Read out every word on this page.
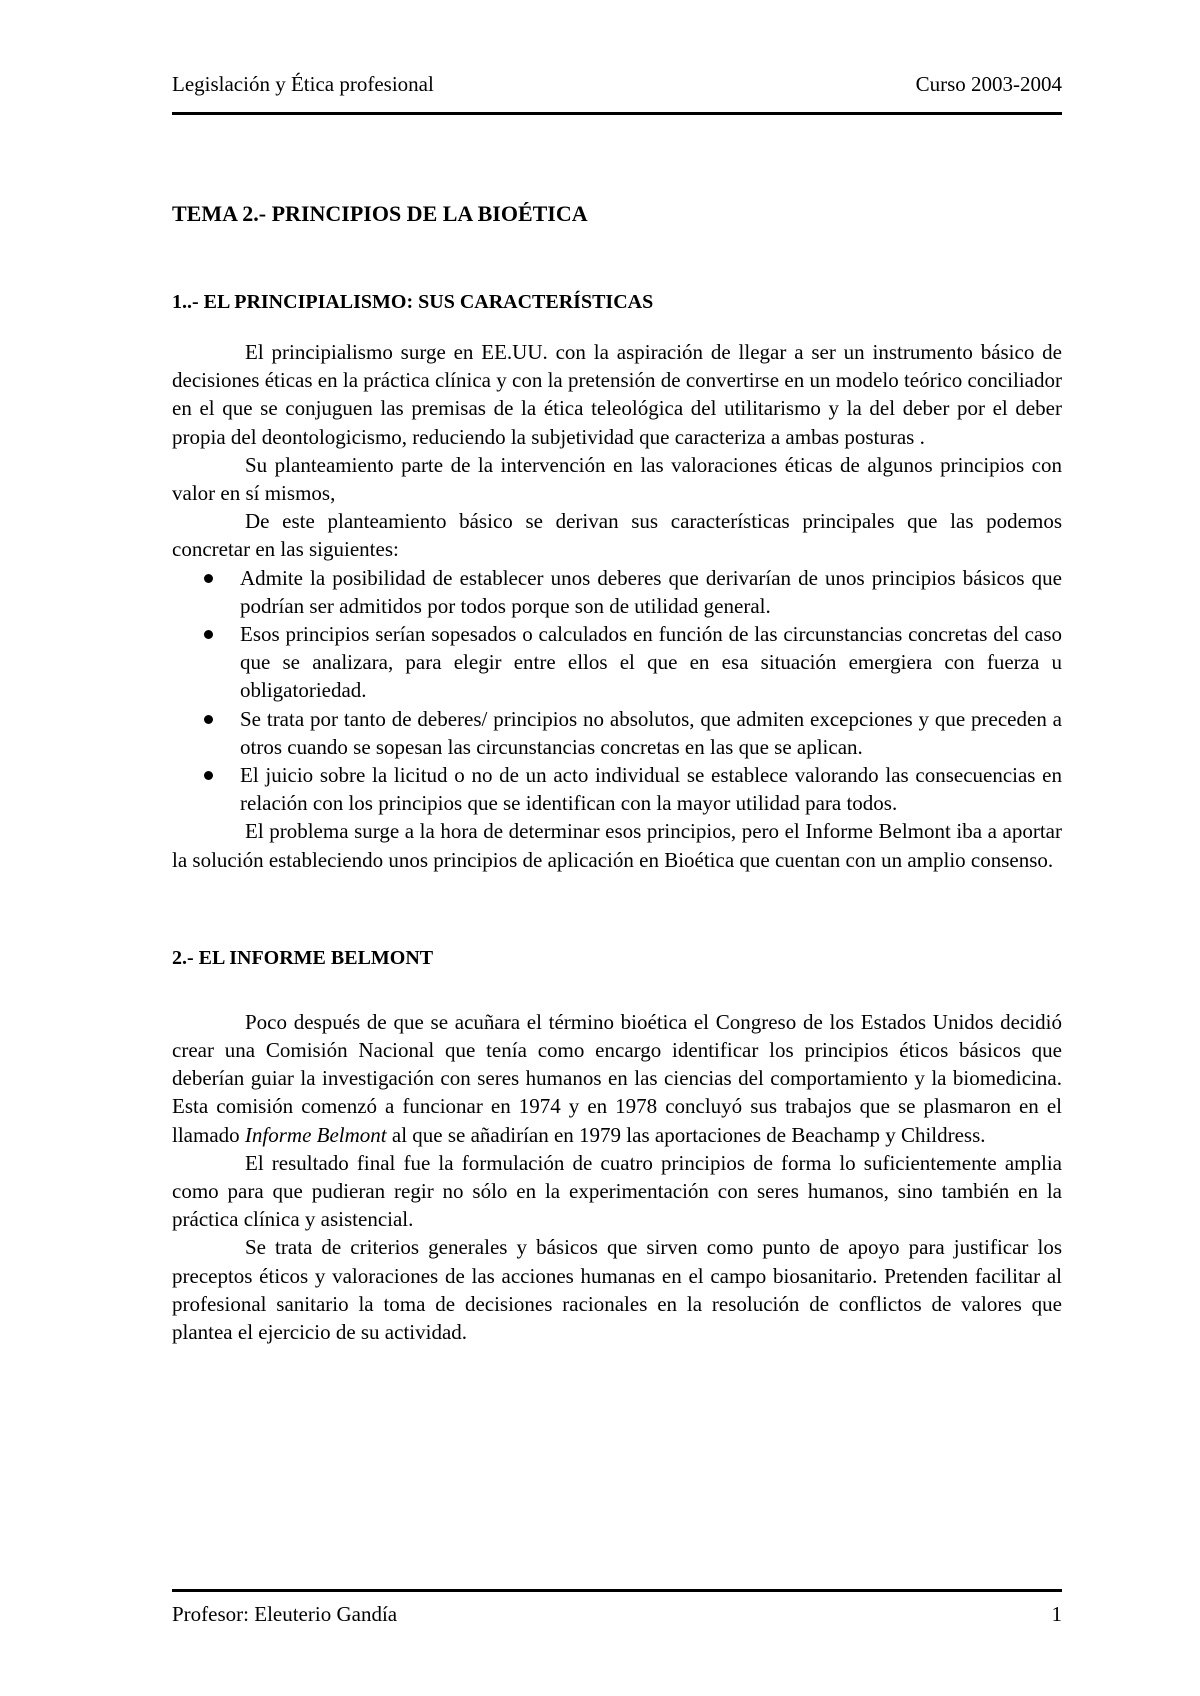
Legislación y Ética profesional	Curso 2003-2004
TEMA 2.- PRINCIPIOS DE LA BIOÉTICA
1..- EL PRINCIPIALISMO: SUS CARACTERÍSTICAS

El principialismo surge en EE.UU. con la aspiración de llegar a ser un instrumento básico de decisiones éticas en la práctica clínica y con la pretensión de convertirse en un modelo teórico conciliador en el que se conjuguen las premisas de la ética teleológica del utilitarismo y la del deber por el deber propia del deontologicismo, reduciendo la subjetividad que caracteriza a ambas posturas .

Su planteamiento parte de la intervención en las valoraciones éticas de algunos principios con valor en sí mismos,

De este planteamiento básico se derivan sus características principales que las podemos concretar en las siguientes:

Admite la posibilidad de establecer unos deberes que derivarían de unos principios básicos que podrían ser admitidos por todos porque son de utilidad general.
Esos principios serían sopesados o calculados en función de las circunstancias concretas del caso que se analizara, para elegir entre ellos el que en esa situación emergiera con fuerza u obligatoriedad.
Se trata por tanto de deberes/ principios no absolutos, que admiten excepciones y que preceden a otros cuando se sopesan las circunstancias concretas en las que se aplican.
El juicio sobre la licitud o no de un acto individual se establece valorando las consecuencias en relación con los principios que se identifican con la mayor utilidad para todos.

El problema surge a la hora de determinar esos principios, pero el Informe Belmont iba a aportar la solución estableciendo unos principios de aplicación en Bioética que cuentan con un amplio consenso.

2.- EL INFORME BELMONT

Poco después de que se acuñara el término bioética el Congreso de los Estados Unidos decidió crear una Comisión Nacional que tenía como encargo identificar los principios éticos básicos que deberían guiar la investigación con seres humanos en las ciencias del comportamiento y la biomedicina. Esta comisión comenzó a funcionar en 1974 y en 1978 concluyó sus trabajos que se plasmaron en el llamado Informe Belmont al que se añadirían en 1979 las aportaciones de Beachamp y Childress.

El resultado final fue la formulación de cuatro principios de forma lo suficientemente amplia como para que pudieran regir no sólo en la experimentación con seres humanos, sino también en la práctica clínica y asistencial.

Se trata de criterios generales y básicos que sirven como punto de apoyo para justificar los preceptos éticos y valoraciones de las acciones humanas en el campo biosanitario. Pretenden facilitar al profesional sanitario la toma de decisiones racionales en la resolución de conflictos de valores que plantea el ejercicio de su actividad.

Profesor: Eleuterio Gandía	1
